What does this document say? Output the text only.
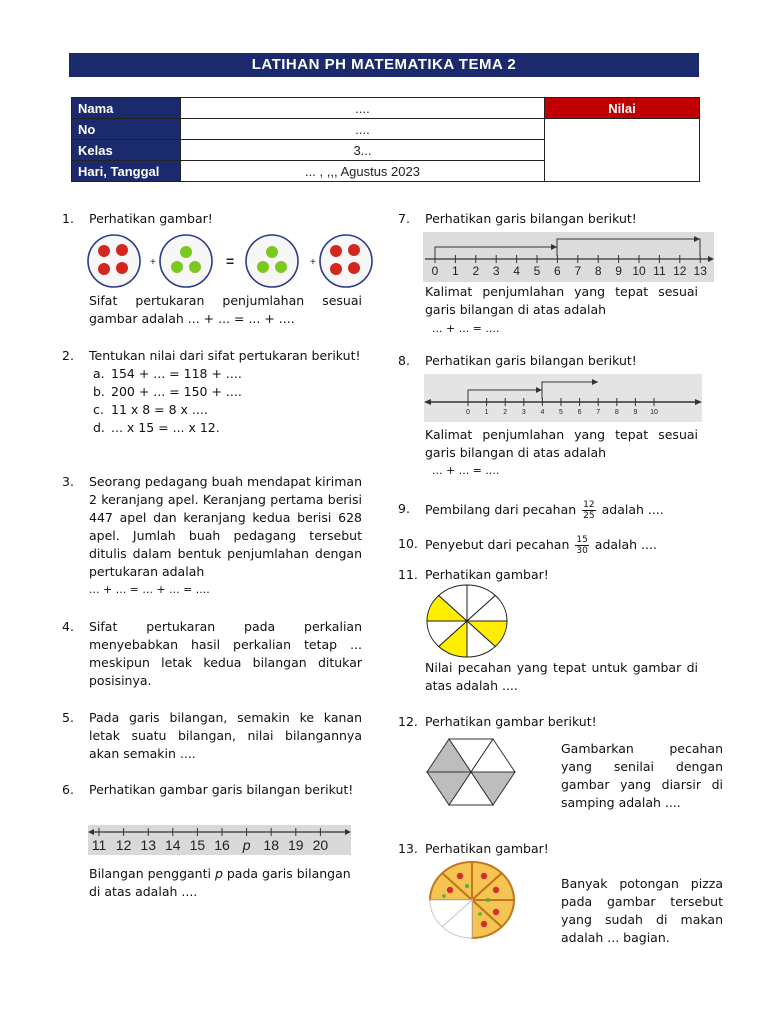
LATIHAN PH MATEMATIKA TEMA 2
Nama	....	Nilai
No	....	
Kelas	3...	
Hari, Tanggal	... , ,,, Agustus 2023	
1. Perhatikan gambar!
+	=	+
Sifat pertukaran penjumlahan sesuai gambar adalah ... + ... = ... + ....
2. Tentukan nilai dari sifat pertukaran berikut!
a. 154 + ... = 118 + ....
b. 200 + ... = 150 + ....
c. 11 x 8 = 8 x ....
d. ... x 15 = ... x 12.
3. Seorang pedagang buah mendapat kiriman 2 keranjang apel. Keranjang pertama berisi 447 apel dan keranjang kedua berisi 628 apel. Jumlah buah pedagang tersebut ditulis dalam bentuk penjumlahan dengan pertukaran adalah
... + ... = ... + ... = ....
4. Sifat pertukaran pada perkalian menyebabkan hasil perkalian tetap ... meskipun letak kedua bilangan ditukar posisinya.
5. Pada garis bilangan, semakin ke kanan letak suatu bilangan, nilai bilangannya akan semakin ....
6. Perhatikan gambar garis bilangan berikut!
11 12 13 14 15 16 p 18 19 20
Bilangan pengganti p pada garis bilangan di atas adalah ....
7. Perhatikan garis bilangan berikut!
0 1 2 3 4 5 6 7 8 9 10 11 12 13
Kalimat penjumlahan yang tepat sesuai garis bilangan di atas adalah
... + ... = ....
8. Perhatikan garis bilangan berikut!
0 1 2 3 4 5 6 7 8 9 10
Kalimat penjumlahan yang tepat sesuai garis bilangan di atas adalah
... + ... = ....
9. Pembilang dari pecahan $\frac{12}{25}$ adalah ....
10. Penyebut dari pecahan $\frac{15}{30}$ adalah ....
11. Perhatikan gambar!
Nilai pecahan yang tepat untuk gambar di atas adalah ....
12. Perhatikan gambar berikut!
Gambarkan pecahan yang senilai dengan gambar yang diarsir di samping adalah ....
13. Perhatikan gambar!
Banyak potongan pizza pada gambar tersebut yang sudah di makan adalah ... bagian.
